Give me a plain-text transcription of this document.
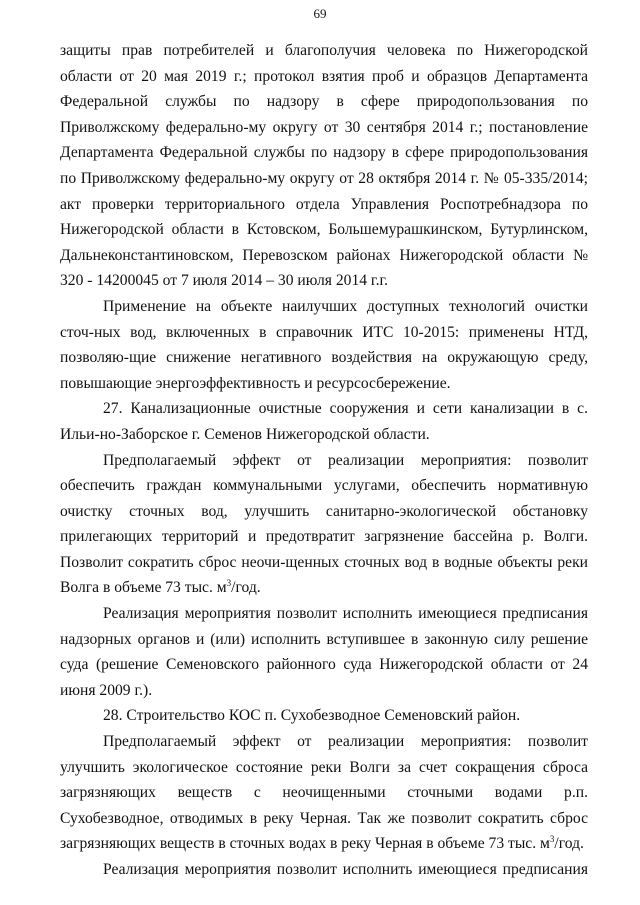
69

защиты прав потребителей и благополучия человека по Нижегородской области от 20 мая 2019 г.; протокол взятия проб и образцов Департамента Федеральной службы по надзору в сфере природопользования по Приволжскому федерально-му округу от 30 сентября 2014 г.; постановление Департамента Федеральной службы по надзору в сфере природопользования по Приволжскому федерально-му округу от 28 октября 2014 г. № 05-335/2014; акт проверки территориального отдела Управления Роспотребнадзора по Нижегородской области в Кстовском, Большемурашкинском, Бутурлинском, Дальнеконстантиновском, Перевозском районах Нижегородской области № 320 - 14200045 от 7 июля 2014 – 30 июля 2014 г.г.

Применение на объекте наилучших доступных технологий очистки сточ-ных вод, включенных в справочник ИТС 10-2015: применены НТД, позволяю-щие снижение негативного воздействия на окружающую среду, повышающие энергоэффективность и ресурсосбережение.

27. Канализационные очистные сооружения и сети канализации в с. Ильи-но-Заборское г. Семенов Нижегородской области.

Предполагаемый эффект от реализации мероприятия: позволит обеспечить граждан коммунальными услугами, обеспечить нормативную очистку сточных вод, улучшить санитарно-экологической обстановку прилегающих территорий и предотвратит загрязнение бассейна р. Волги. Позволит сократить сброс неочи-щенных сточных вод в водные объекты реки Волга в объеме 73 тыс. $м^3$/год.

Реализация мероприятия позволит исполнить имеющиеся предписания надзорных органов и (или) исполнить вступившее в законную силу решение суда (решение Семеновского районного суда Нижегородской области от 24 июня 2009 г.).

28. Строительство КОС п. Сухобезводное Семеновский район.

Предполагаемый эффект от реализации мероприятия: позволит улучшить экологическое состояние реки Волги за счет сокращения сброса загрязняющих веществ с неочищенными сточными водами р.п. Сухобезводное, отводимых в реку Черная. Так же позволит сократить сброс загрязняющих веществ в сточных водах в реку Черная в объеме 73 тыс. $м^3$/год.

Реализация мероприятия позволит исполнить имеющиеся предписания
